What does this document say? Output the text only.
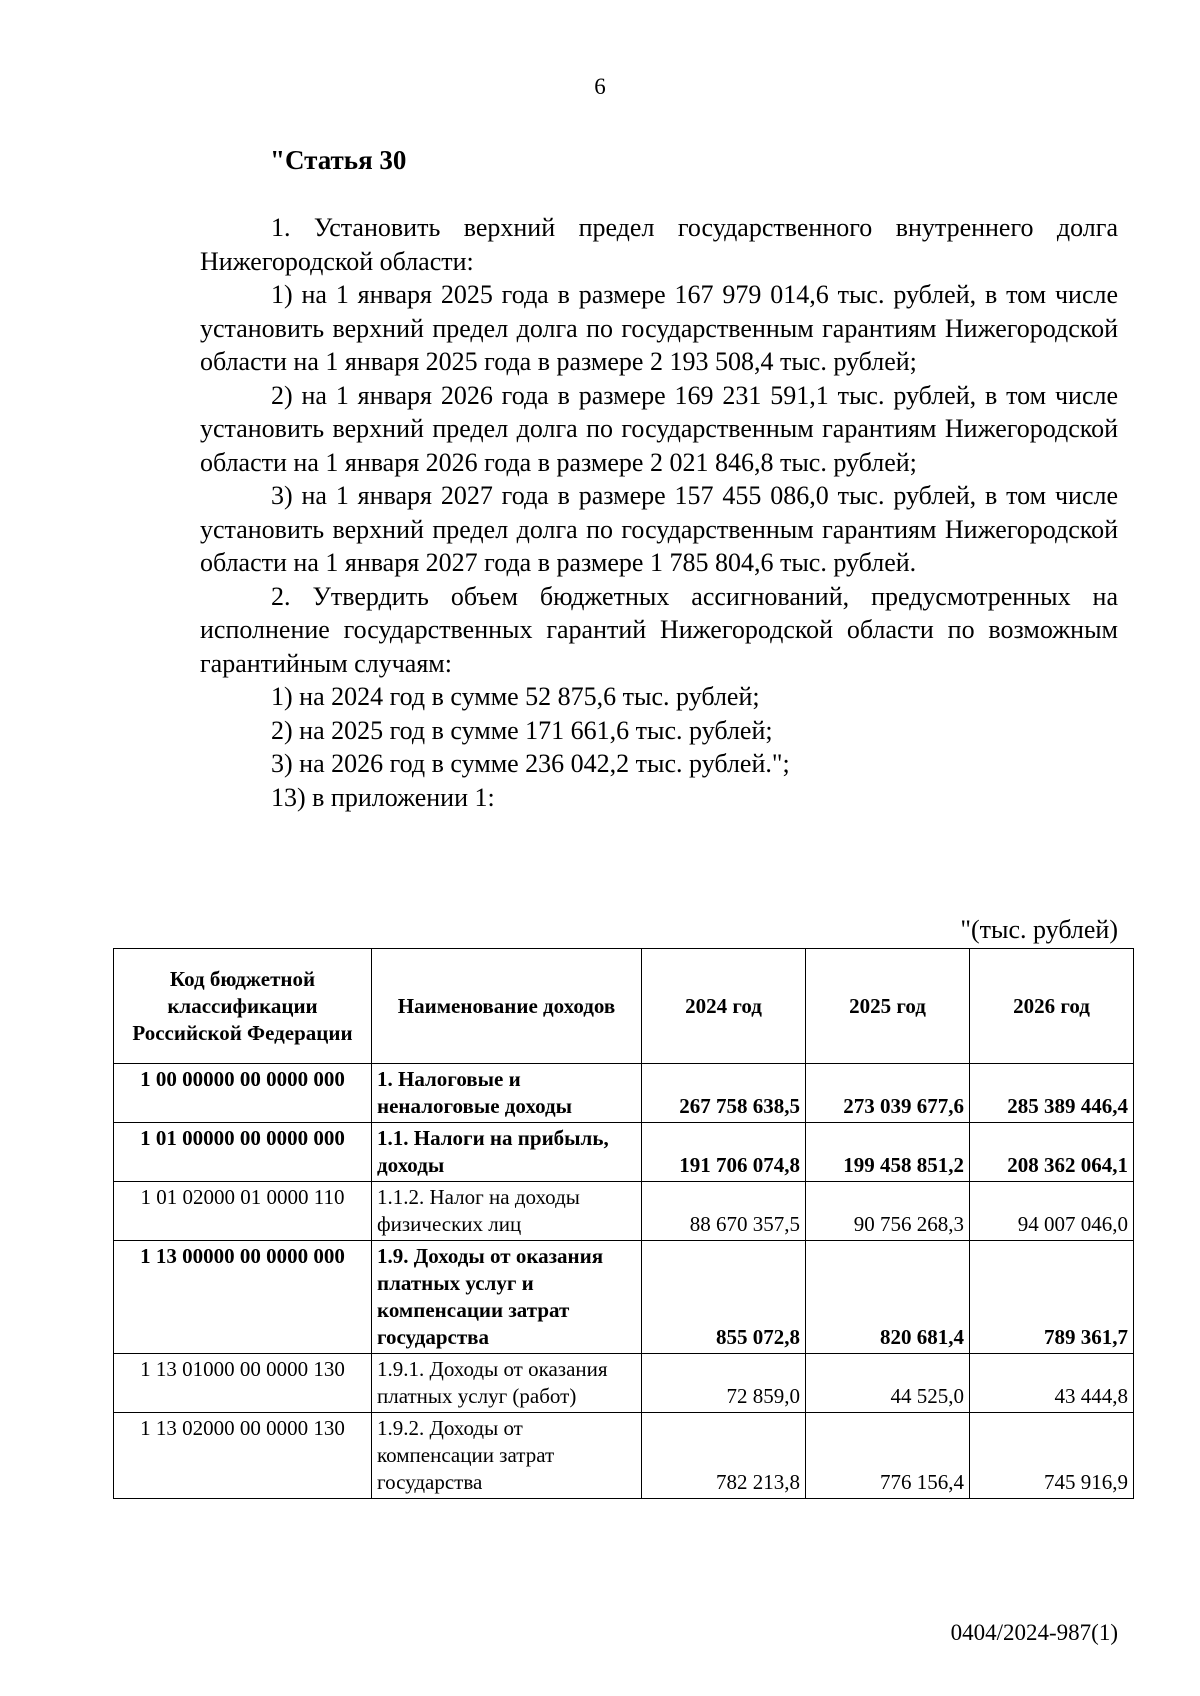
6
"Статья 30

1. Установить верхний предел государственного внутреннего долга Нижегородской области:

1) на 1 января 2025 года в размере 167 979 014,6 тыс. рублей, в том числе установить верхний предел долга по государственным гарантиям Нижегородской области на 1 января 2025 года в размере 2 193 508,4 тыс. рублей;

2) на 1 января 2026 года в размере 169 231 591,1 тыс. рублей, в том числе установить верхний предел долга по государственным гарантиям Нижегородской области на 1 января 2026 года в размере 2 021 846,8 тыс. рублей;

3) на 1 января 2027 года в размере 157 455 086,0 тыс. рублей, в том числе установить верхний предел долга по государственным гарантиям Нижегородской области на 1 января 2027 года в размере 1 785 804,6 тыс. рублей.

2. Утвердить объем бюджетных ассигнований, предусмотренных на исполнение государственных гарантий Нижегородской области по возможным гарантийным случаям:

1) на 2024 год в сумме 52 875,6 тыс. рублей;

2) на 2025 год в сумме 171 661,6 тыс. рублей;

3) на 2026 год в сумме 236 042,2 тыс. рублей.";

13) в приложении 1:

"(тыс. рублей)
Код бюджетной классификации Российской Федерации	Наименование доходов	2024 год	2025 год	2026 год
1 00 00000 00 0000 000	1. Налоговые и неналоговые доходы	267 758 638,5	273 039 677,6	285 389 446,4
1 01 00000 00 0000 000	1.1. Налоги на прибыль, доходы	191 706 074,8	199 458 851,2	208 362 064,1
1 01 02000 01 0000 110	1.1.2. Налог на доходы физических лиц	88 670 357,5	90 756 268,3	94 007 046,0
1 13 00000 00 0000 000	1.9. Доходы от оказания платных услуг и компенсации затрат государства	855 072,8	820 681,4	789 361,7
1 13 01000 00 0000 130	1.9.1. Доходы от оказания платных услуг (работ)	72 859,0	44 525,0	43 444,8
1 13 02000 00 0000 130	1.9.2. Доходы от компенсации затрат государства	782 213,8	776 156,4	745 916,9
0404/2024-987(1)
